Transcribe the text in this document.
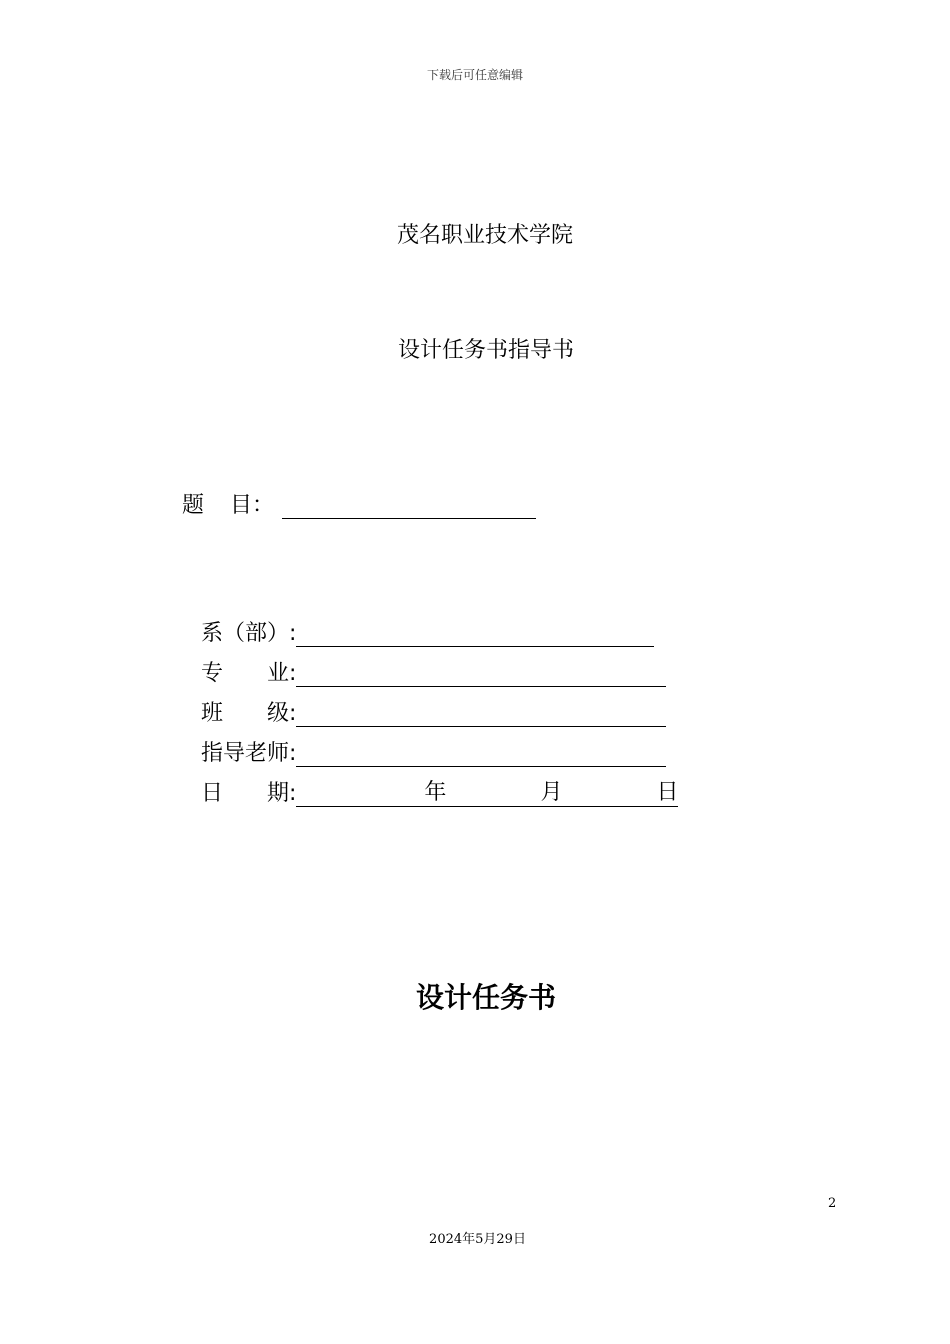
下载后可任意编辑
茂名职业技术学院
设计任务书指导书
题 目：
系（部）:
专　　业:
班　　级:
指导老师:
日　　期:	年	月	日
设计任务书
2
2024年5月29日
